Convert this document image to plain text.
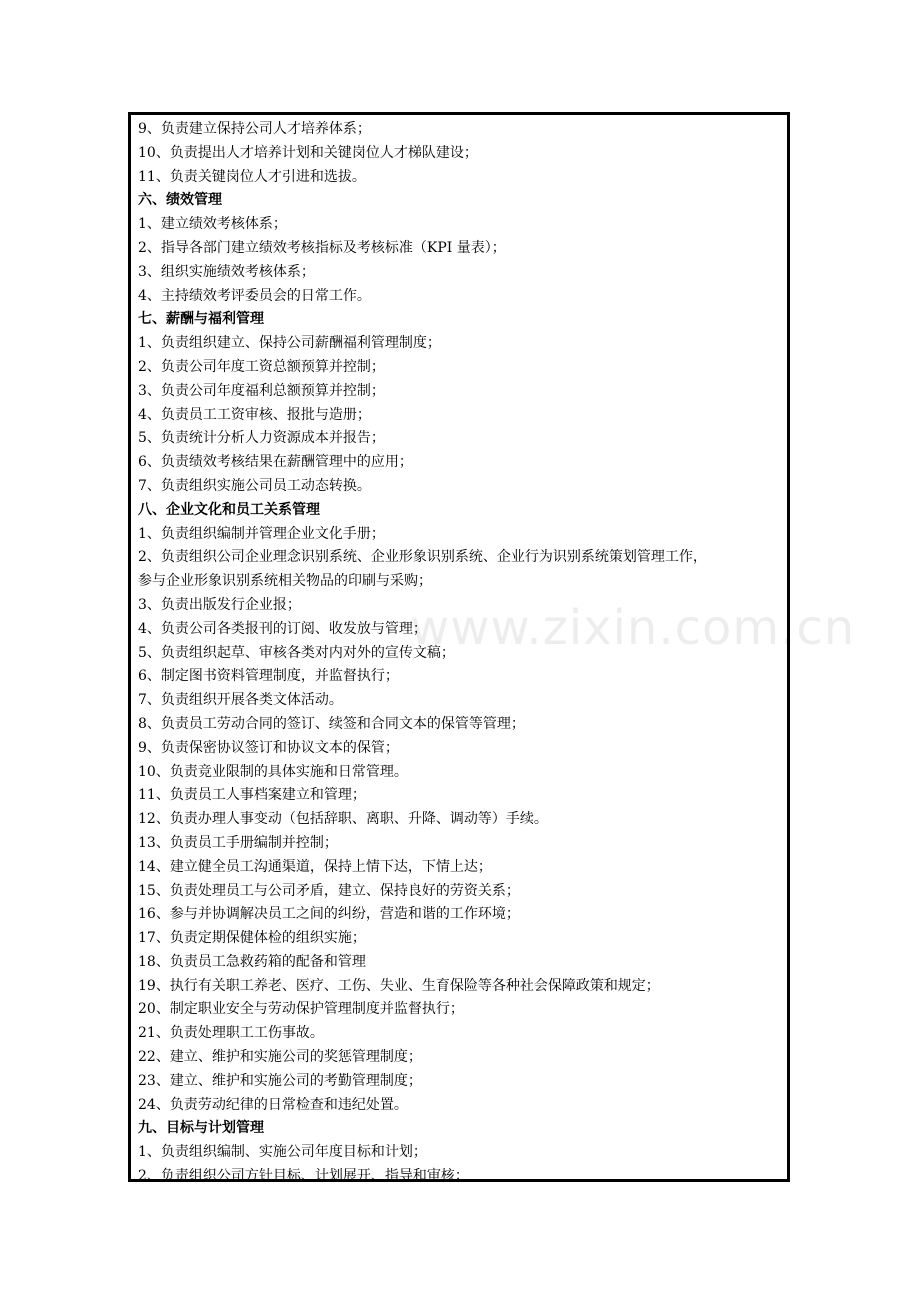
9、负责建立保持公司人才培养体系；
10、负责提出人才培养计划和关键岗位人才梯队建设；
11、负责关键岗位人才引进和选拔。
六、绩效管理
1、建立绩效考核体系；
2、指导各部门建立绩效考核指标及考核标准（KPI 量表）；
3、组织实施绩效考核体系；
4、主持绩效考评委员会的日常工作。
七、薪酬与福利管理
1、负责组织建立、保持公司薪酬福利管理制度；
2、负责公司年度工资总额预算并控制；
3、负责公司年度福利总额预算并控制；
4、负责员工工资审核、报批与造册；
5、负责统计分析人力资源成本并报告；
6、负责绩效考核结果在薪酬管理中的应用；
7、负责组织实施公司员工动态转换。
八、企业文化和员工关系管理
1、负责组织编制并管理企业文化手册；
2、负责组织公司企业理念识别系统、企业形象识别系统、企业行为识别系统策划管理工作，
参与企业形象识别系统相关物品的印刷与采购；
3、负责出版发行企业报；
4、负责公司各类报刊的订阅、收发放与管理；
5、负责组织起草、审核各类对内对外的宣传文稿；
6、制定图书资料管理制度，并监督执行；
7、负责组织开展各类文体活动。
8、负责员工劳动合同的签订、续签和合同文本的保管等管理；
9、负责保密协议签订和协议文本的保管；
10、负责竞业限制的具体实施和日常管理。
11、负责员工人事档案建立和管理；
12、负责办理人事变动（包括辞职、离职、升降、调动等）手续。
13、负责员工手册编制并控制；
14、建立健全员工沟通渠道，保持上情下达，下情上达；
15、负责处理员工与公司矛盾，建立、保持良好的劳资关系；
16、参与并协调解决员工之间的纠纷，营造和谐的工作环境；
17、负责定期保健体检的组织实施；
18、负责员工急救药箱的配备和管理
19、执行有关职工养老、医疗、工伤、失业、生育保险等各种社会保障政策和规定；
20、制定职业安全与劳动保护管理制度并监督执行；
21、负责处理职工工伤事故。
22、建立、维护和实施公司的奖惩管理制度；
23、建立、维护和实施公司的考勤管理制度；
24、负责劳动纪律的日常检查和违纪处置。
九、目标与计划管理
1、负责组织编制、实施公司年度目标和计划；
2、负责组织公司方针目标、计划展开、指导和审核；
www.zixin.com.cn
